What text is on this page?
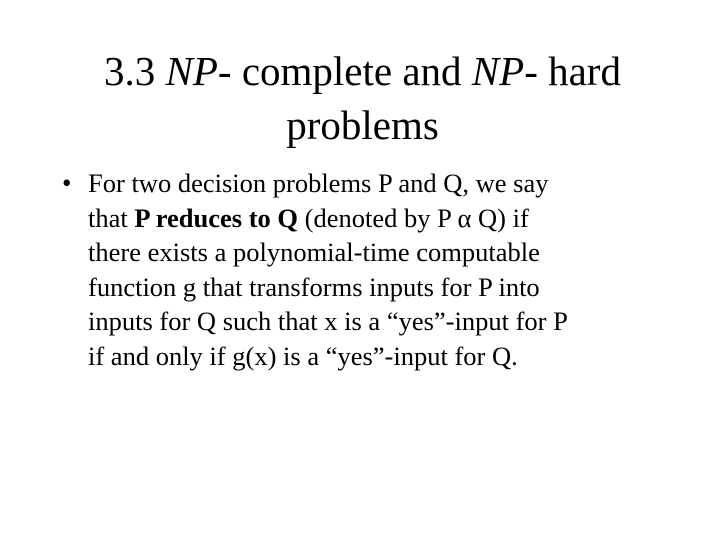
3.3 NP- complete and NP- hard
problems
• For two decision problems P and Q, we say
that P reduces to Q (denoted by P α Q) if
there exists a polynomial-time computable
function g that transforms inputs for P into
inputs for Q such that x is a “yes”-input for P
if and only if g(x) is a “yes”-input for Q.
